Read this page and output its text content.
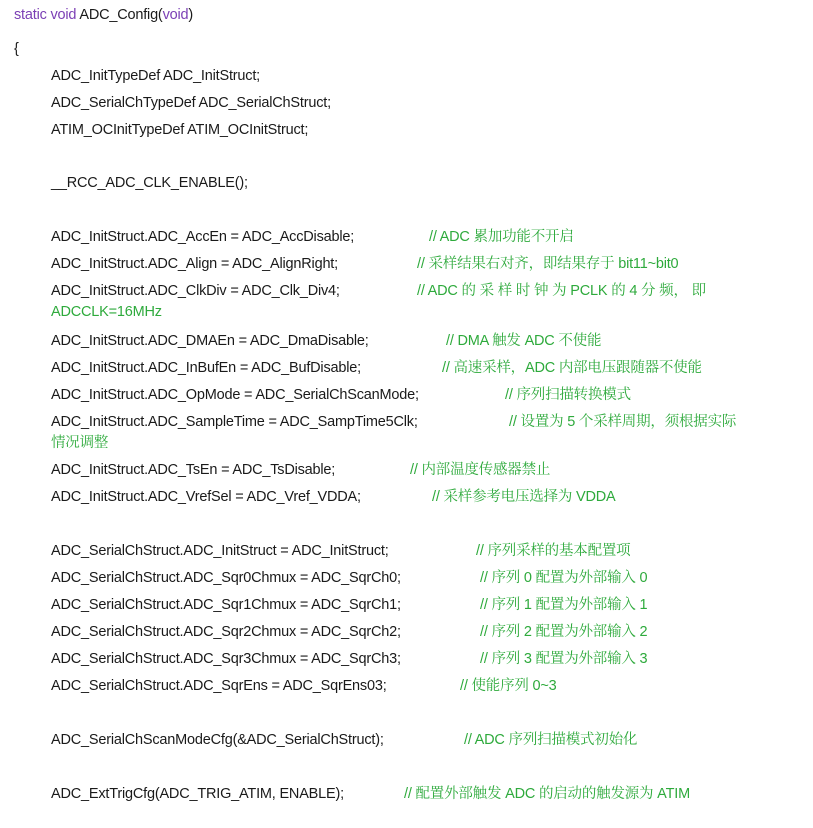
static void ADC_Config(void)
{
ADC_InitTypeDef ADC_InitStruct;
ADC_SerialChTypeDef ADC_SerialChStruct;
ATIM_OCInitTypeDef ATIM_OCInitStruct;
__RCC_ADC_CLK_ENABLE();
ADC_InitStruct.ADC_AccEn = ADC_AccDisable;	// ADC 累加功能不开启
ADC_InitStruct.ADC_Align = ADC_AlignRight;	// 采样结果右对齐，即结果存于 bit11~bit0
ADC_InitStruct.ADC_ClkDiv = ADC_Clk_Div4;	// ADC 的 采 样 时 钟 为 PCLK 的 4 分 频， 即
ADCCLK=16MHz
ADC_InitStruct.ADC_DMAEn = ADC_DmaDisable;	// DMA 触发 ADC 不使能
ADC_InitStruct.ADC_InBufEn = ADC_BufDisable;	// 高速采样，ADC 内部电压跟随器不使能
ADC_InitStruct.ADC_OpMode = ADC_SerialChScanMode;	// 序列扫描转换模式
ADC_InitStruct.ADC_SampleTime = ADC_SampTime5Clk;	// 设置为 5 个采样周期，须根据实际
情况调整
ADC_InitStruct.ADC_TsEn = ADC_TsDisable;	// 内部温度传感器禁止
ADC_InitStruct.ADC_VrefSel = ADC_Vref_VDDA;	// 采样参考电压选择为 VDDA
ADC_SerialChStruct.ADC_InitStruct = ADC_InitStruct;	// 序列采样的基本配置项
ADC_SerialChStruct.ADC_Sqr0Chmux = ADC_SqrCh0;	// 序列 0 配置为外部输入 0
ADC_SerialChStruct.ADC_Sqr1Chmux = ADC_SqrCh1;	// 序列 1 配置为外部输入 1
ADC_SerialChStruct.ADC_Sqr2Chmux = ADC_SqrCh2;	// 序列 2 配置为外部输入 2
ADC_SerialChStruct.ADC_Sqr3Chmux = ADC_SqrCh3;	// 序列 3 配置为外部输入 3
ADC_SerialChStruct.ADC_SqrEns = ADC_SqrEns03;	// 使能序列 0~3
ADC_SerialChScanModeCfg(&ADC_SerialChStruct);	// ADC 序列扫描模式初始化
ADC_ExtTrigCfg(ADC_TRIG_ATIM, ENABLE);	// 配置外部触发 ADC 的启动的触发源为 ATIM
